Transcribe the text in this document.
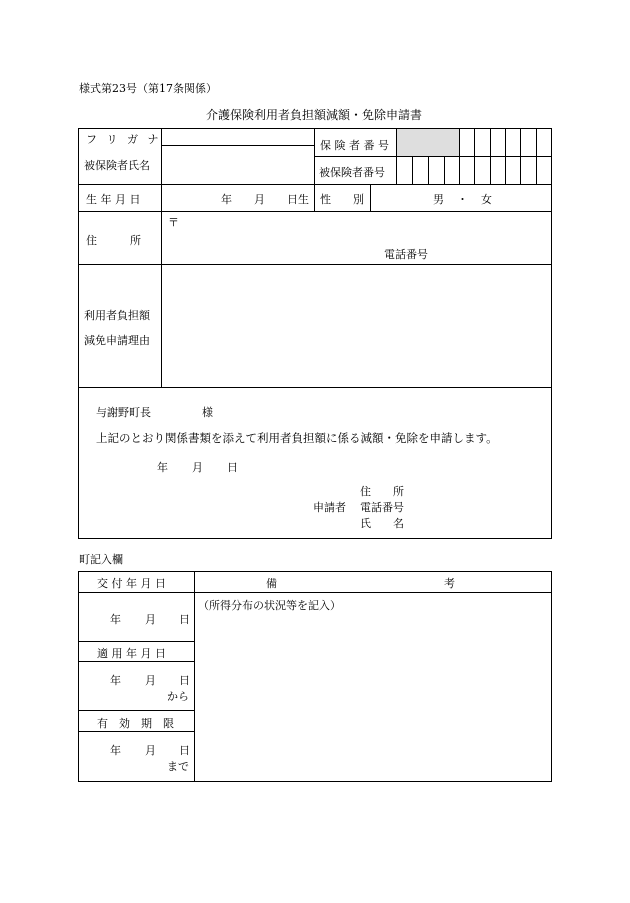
様式第23号（第17条関係）
介護保険利用者負担額減額・免除申請書
フ リ ガ ナ
被保険者氏名
保 険 者 番 号
被保険者番号
生 年 月 日	年 月 日生 性　　別	男 ・ 女
住　　　所
〒
電話番号
利用者負担額
減免申請理由
与謝野町長	様
上記のとおり関係書類を添えて利用者負担額に係る減額・免除を申請します。
年 月 日
住　　所
申請者 電話番号
氏　　名
町記入欄
交 付 年 月 日	備	考
（所得分布の状況等を記入）
年 月 日
適 用 年 月 日
年 月 日
から
有　効　期　限
年 月 日
まで
